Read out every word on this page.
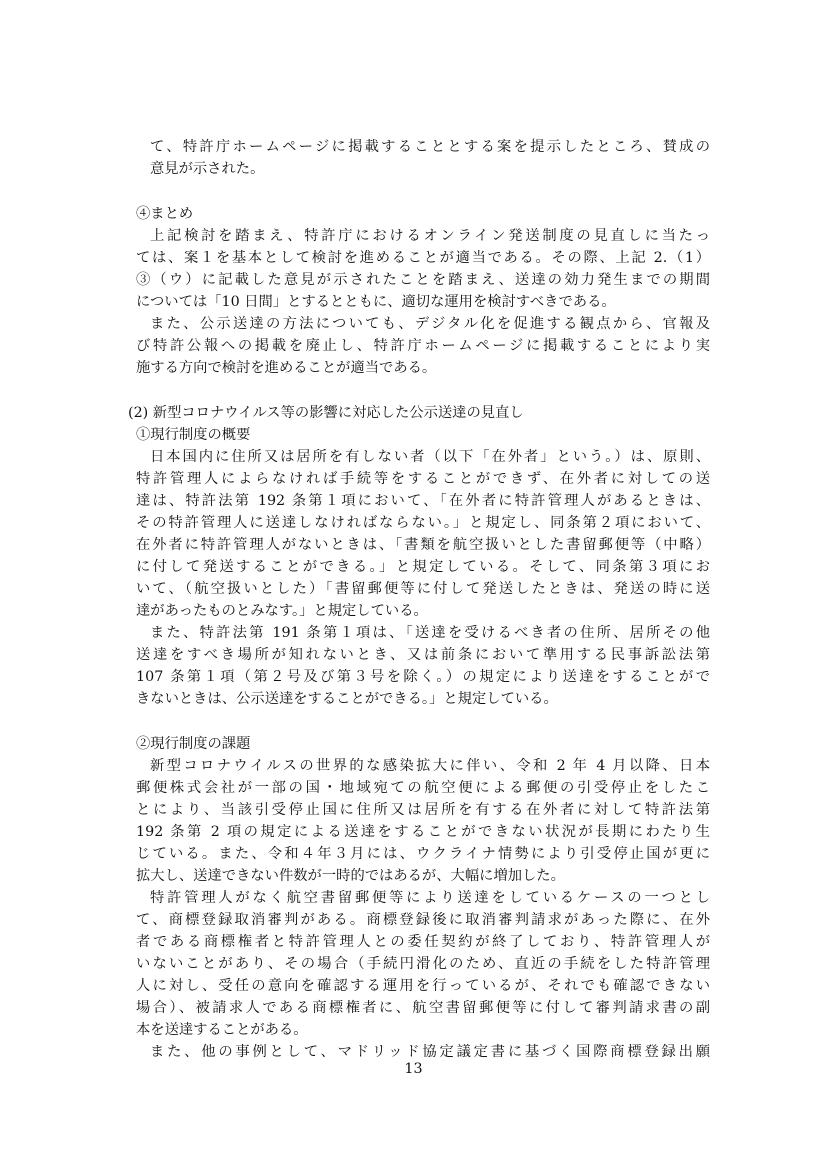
て、特許庁ホームページに掲載することとする案を提示したところ、賛成の
意見が示された。
④まとめ
上記検討を踏まえ、特許庁におけるオンライン発送制度の見直しに当たっ
ては、案１を基本として検討を進めることが適当である。その際、上記 2.（1）
③（ウ）に記載した意見が示されたことを踏まえ、送達の効力発生までの期間
については「10 日間」とするとともに、適切な運用を検討すべきである。
また、公示送達の方法についても、デジタル化を促進する観点から、官報及
び特許公報への掲載を廃止し、特許庁ホームページに掲載することにより実
施する方向で検討を進めることが適当である。
(2) 新型コロナウイルス等の影響に対応した公示送達の見直し
①現行制度の概要
日本国内に住所又は居所を有しない者（以下「在外者」という。）は、原則、
特許管理人によらなければ手続等をすることができず、在外者に対しての送
達は、特許法第 192 条第１項において、「在外者に特許管理人があるときは、
その特許管理人に送達しなければならない。」と規定し、同条第２項において、
在外者に特許管理人がないときは、「書類を航空扱いとした書留郵便等（中略）
に付して発送することができる。」と規定している。そして、同条第３項にお
いて、（航空扱いとした）「書留郵便等に付して発送したときは、発送の時に送
達があったものとみなす。」と規定している。
また、特許法第 191 条第１項は、「送達を受けるべき者の住所、居所その他
送達をすべき場所が知れないとき、又は前条において準用する民事訴訟法第
107 条第１項（第２号及び第３号を除く。）の規定により送達をすることがで
きないときは、公示送達をすることができる。」と規定している。
②現行制度の課題
新型コロナウイルスの世界的な感染拡大に伴い、令和 2 年 4 月以降、日本
郵便株式会社が一部の国・地域宛ての航空便による郵便の引受停止をしたこ
とにより、当該引受停止国に住所又は居所を有する在外者に対して特許法第
192 条第 2 項の規定による送達をすることができない状況が長期にわたり生
じている。また、令和４年３月には、ウクライナ情勢により引受停止国が更に
拡大し、送達できない件数が一時的ではあるが、大幅に増加した。
特許管理人がなく航空書留郵便等により送達をしているケースの一つとし
て、商標登録取消審判がある。商標登録後に取消審判請求があった際に、在外
者である商標権者と特許管理人との委任契約が終了しており、特許管理人が
いないことがあり、その場合（手続円滑化のため、直近の手続をした特許管理
人に対し、受任の意向を確認する運用を行っているが、それでも確認できない
場合）、被請求人である商標権者に、航空書留郵便等に付して審判請求書の副
本を送達することがある。
また、他の事例として、マドリッド協定議定書に基づく国際商標登録出願
13
